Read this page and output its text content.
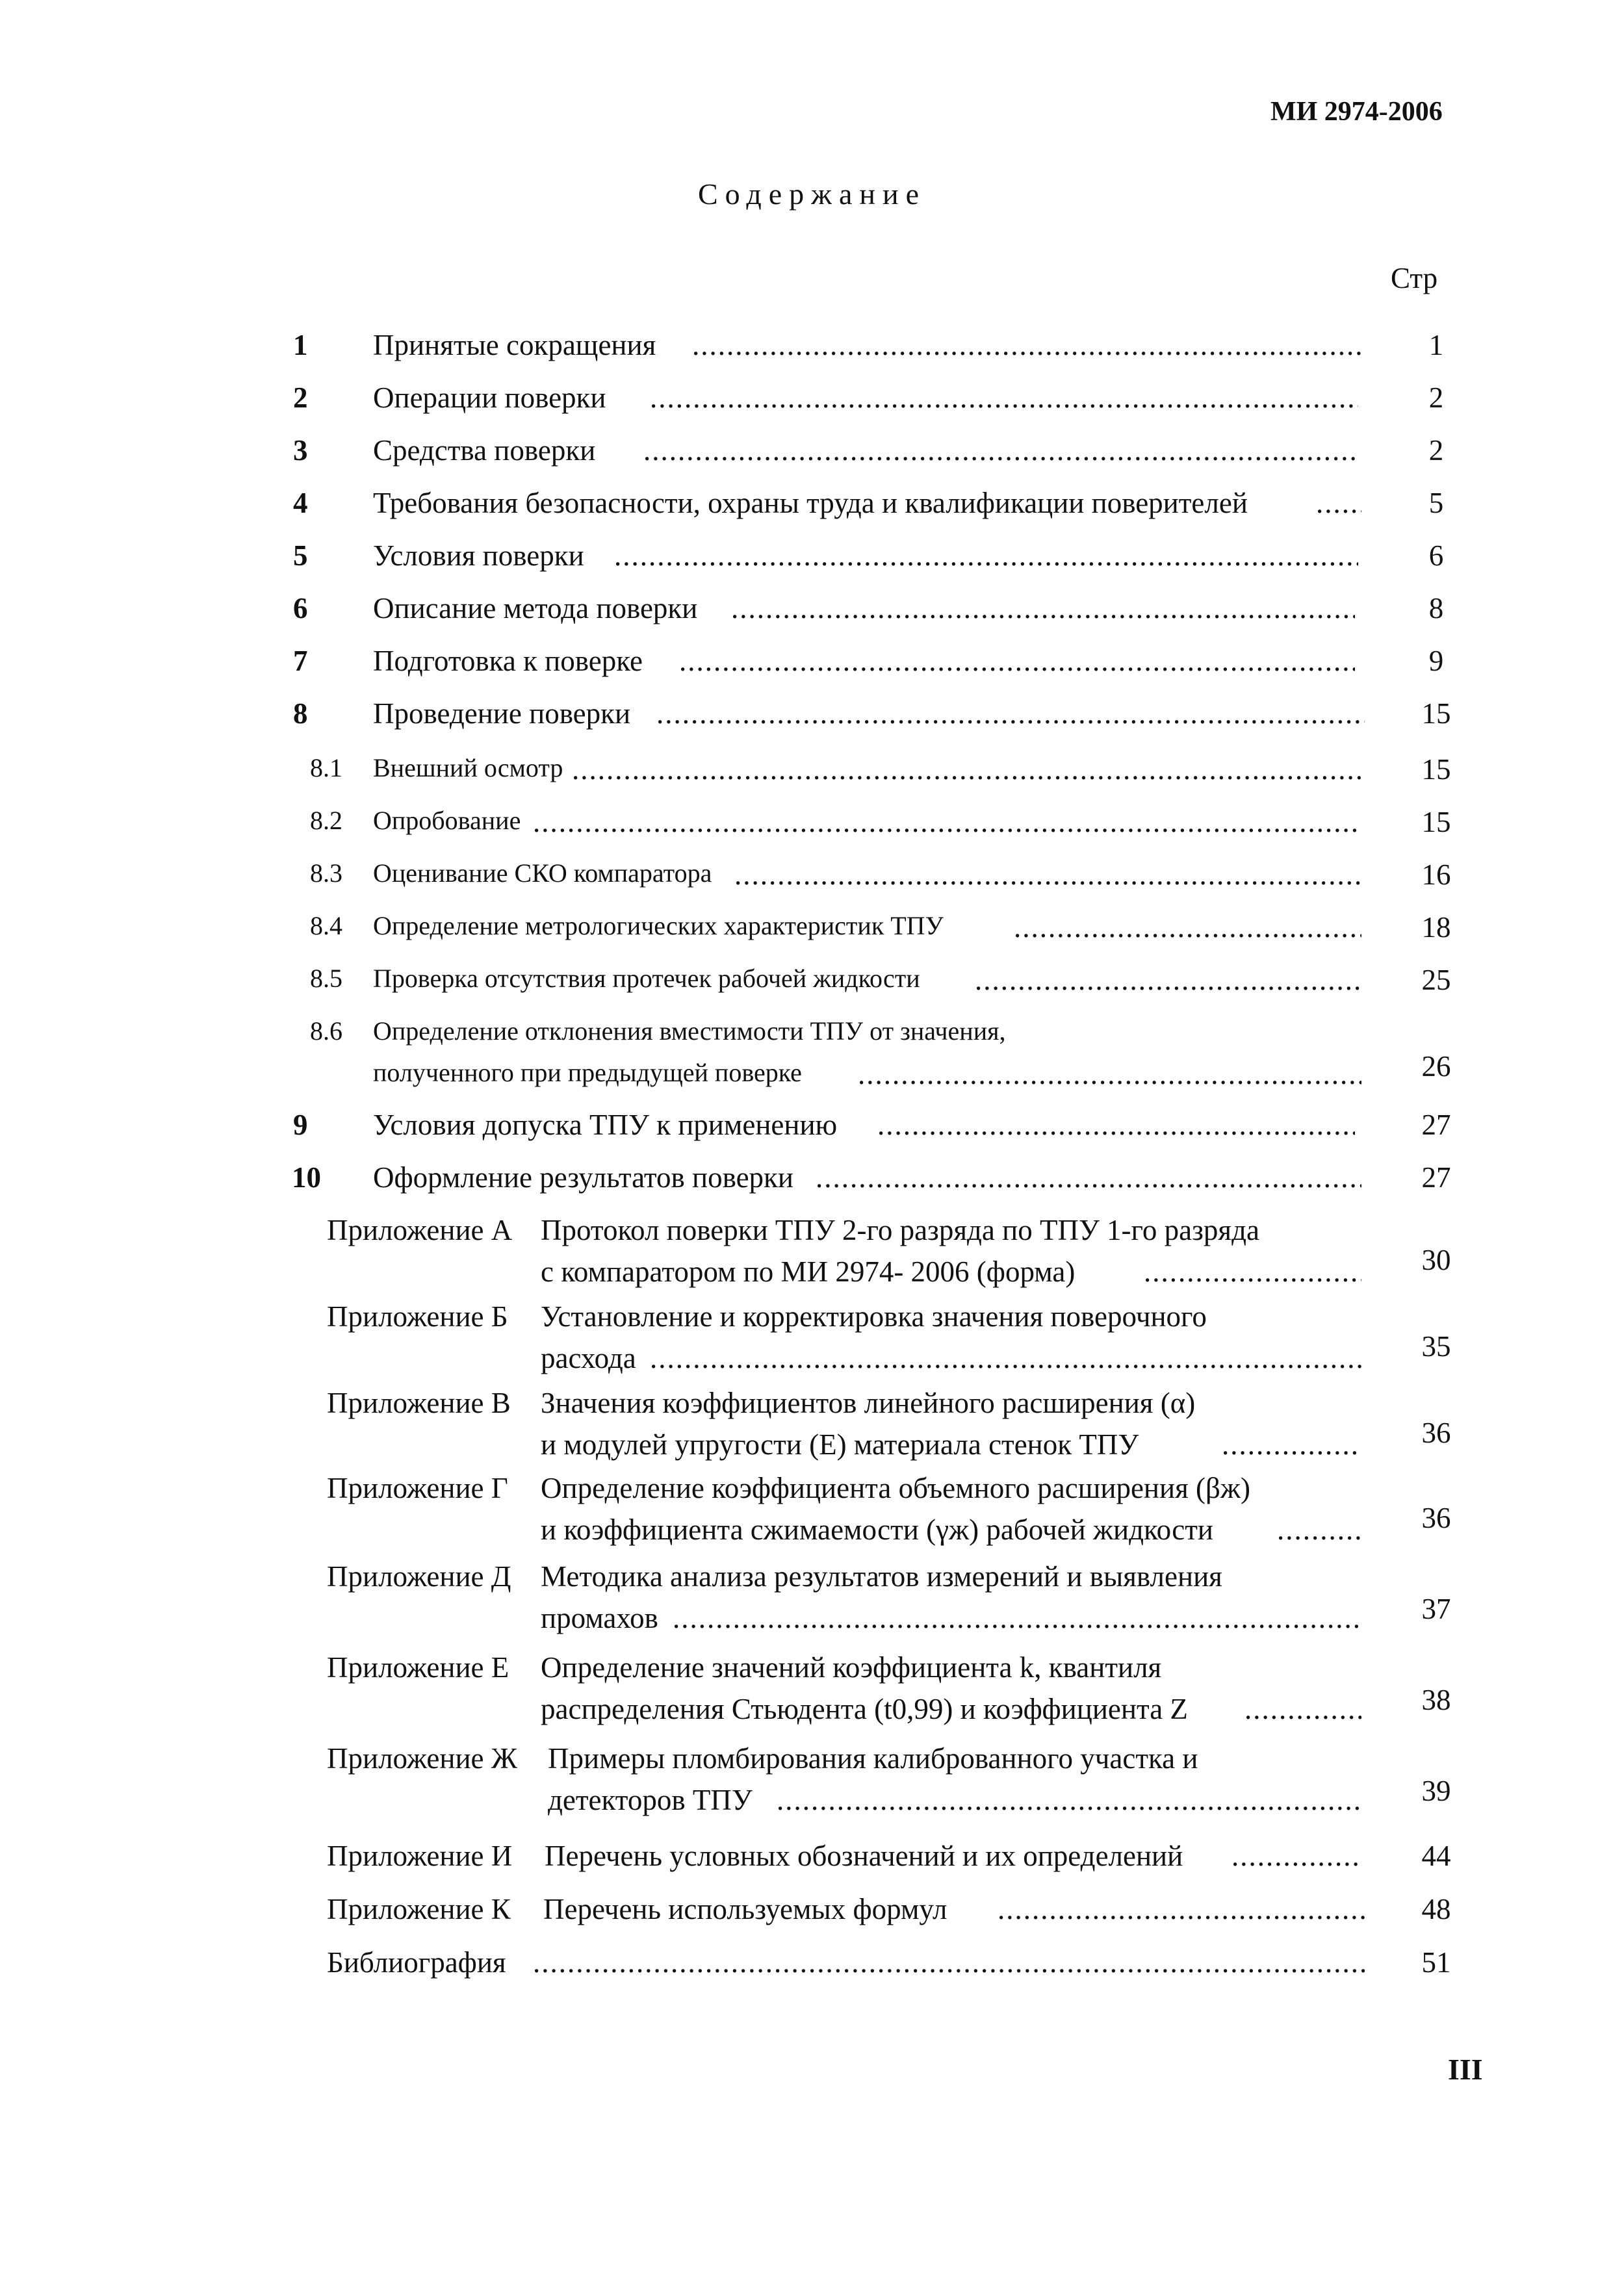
МИ 2974-2006
Содержание
Стр
1 Принятые сокращения .....	1
2 Операции поверки .....	2
3 Средства поверки .....	2
4 Требования безопасности, охраны труда и квалификации поверителей .....	5
5 Условия поверки .....	6
6 Описание метода поверки .....	8
7 Подготовка к поверке .....	9
8 Проведение поверки .....	15
8.1 Внешний осмотр .....	15
8.2 Опробование .....	15
8.3 Оценивание СКО компаратора .....	16
8.4 Определение метрологических характеристик ТПУ .....	18
8.5 Проверка отсутствия протечек рабочей жидкости .....	25
8.6 Определение отклонения вместимости ТПУ от значения,
полученного при предыдущей поверке .....	26
9 Условия допуска ТПУ к применению .....	27
10 Оформление результатов поверки .....	27
Приложение А Протокол поверки ТПУ 2-го разряда по ТПУ 1-го разряда
с компаратором по МИ 2974- 2006 (форма) .....	30
Приложение Б Установление и корректировка значения поверочного
расхода .....	35
Приложение В Значения коэффициентов линейного расширения (α)
и модулей упругости (E) материала стенок ТПУ .....	36
Приложение Г Определение коэффициента объемного расширения (βж)
и коэффициента сжимаемости (γж) рабочей жидкости .....	36
Приложение Д Методика анализа результатов измерений и выявления
промахов .....	37
Приложение Е Определение значений коэффициента k, квантиля
распределения Стьюдента (t0,99) и коэффициента Z .....	38
Приложение Ж Примеры пломбирования калиброванного участка и
детекторов ТПУ .....	39
Приложение И Перечень условных обозначений и их определений .....	44
Приложение К Перечень используемых формул .....	48
Библиография .....	51
III
